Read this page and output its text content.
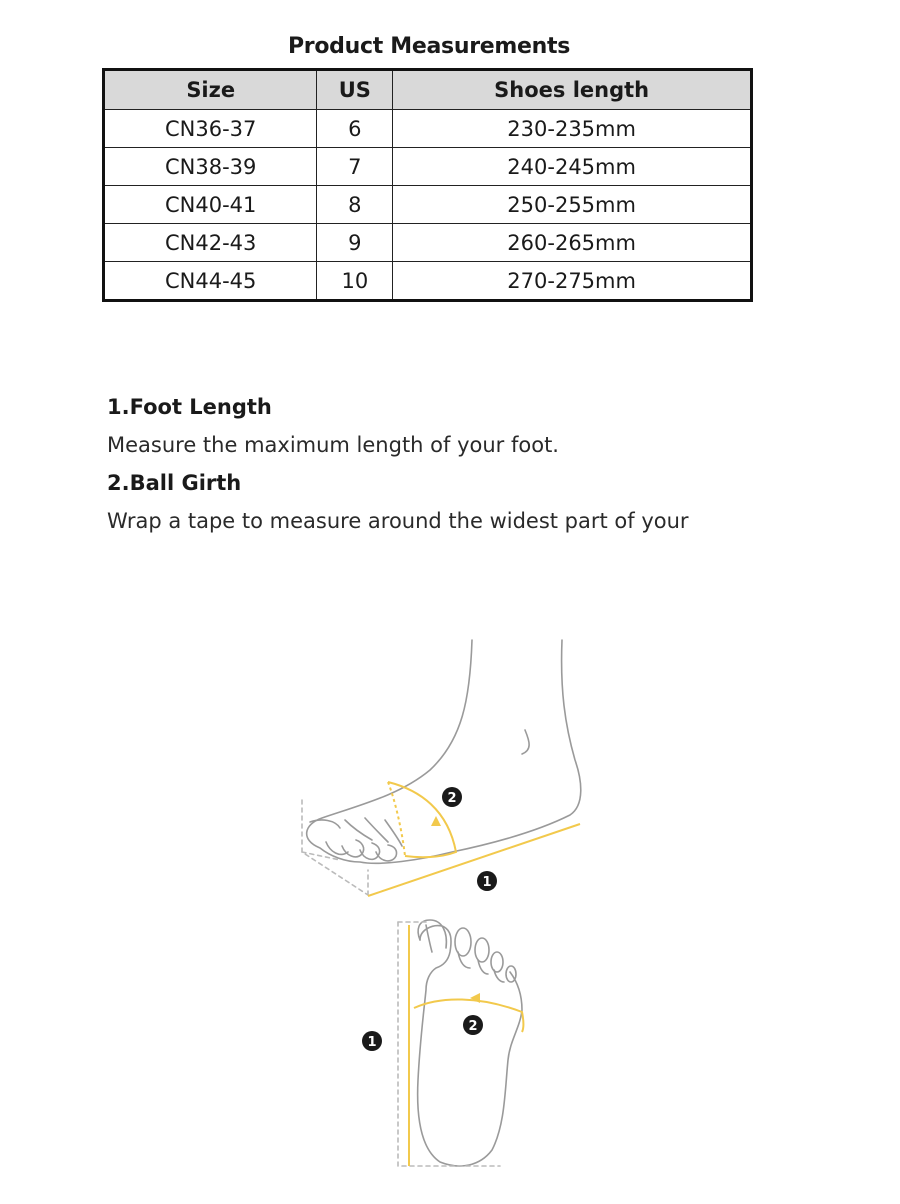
Product Measurements
Size	US	Shoes length
CN36-37	6	230-235mm
CN38-39	7	240-245mm
CN40-41	8	250-255mm
CN42-43	9	260-265mm
CN44-45	10	270-275mm

1.Foot Length

Measure the maximum length of your foot.

2.Ball Girth

Wrap a tape to measure around the widest part of your

2
1
2
1
